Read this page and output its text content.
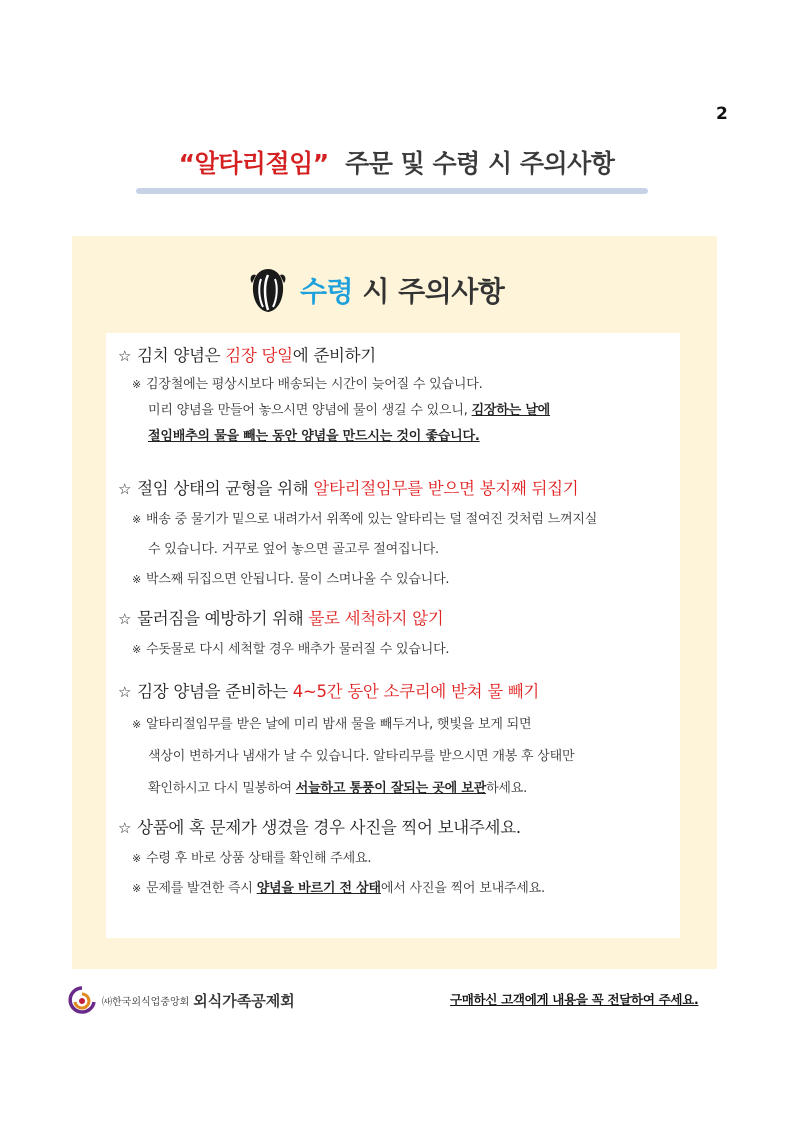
2
“알타리절임” 주문 및 수령 시 주의사항
수령 시 주의사항
☆ 김치 양념은 김장 당일에 준비하기
※ 김장철에는 평상시보다 배송되는 시간이 늦어질 수 있습니다.
미리 양념을 만들어 놓으시면 양념에 물이 생길 수 있으니, 김장하는 날에
절임배추의 물을 빼는 동안 양념을 만드시는 것이 좋습니다.
☆ 절임 상태의 균형을 위해 알타리절임무를 받으면 봉지째 뒤집기
※ 배송 중 물기가 밑으로 내려가서 위쪽에 있는 알타리는 덜 절여진 것처럼 느껴지실
수 있습니다. 거꾸로 엎어 놓으면 골고루 절여집니다.
※ 박스째 뒤집으면 안됩니다. 물이 스며나올 수 있습니다.
☆ 물러짐을 예방하기 위해 물로 세척하지 않기
※ 수돗물로 다시 세척할 경우 배추가 물러질 수 있습니다.
☆ 김장 양념을 준비하는 4~5간 동안 소쿠리에 받쳐 물 빼기
※ 알타리절임무를 받은 날에 미리 밤새 물을 빼두거나, 햇빛을 보게 되면
색상이 변하거나 냄새가 날 수 있습니다. 알타리무를 받으시면 개봉 후 상태만
확인하시고 다시 밀봉하여 서늘하고 통풍이 잘되는 곳에 보관하세요.
☆ 상품에 혹 문제가 생겼을 경우 사진을 찍어 보내주세요.
※ 수령 후 바로 상품 상태를 확인해 주세요.
※ 문제를 발견한 즉시 양념을 바르기 전 상태에서 사진을 찍어 보내주세요.
㈔한국외식업중앙회 외식가족공제회	구매하신 고객에게 내용을 꼭 전달하여 주세요.
